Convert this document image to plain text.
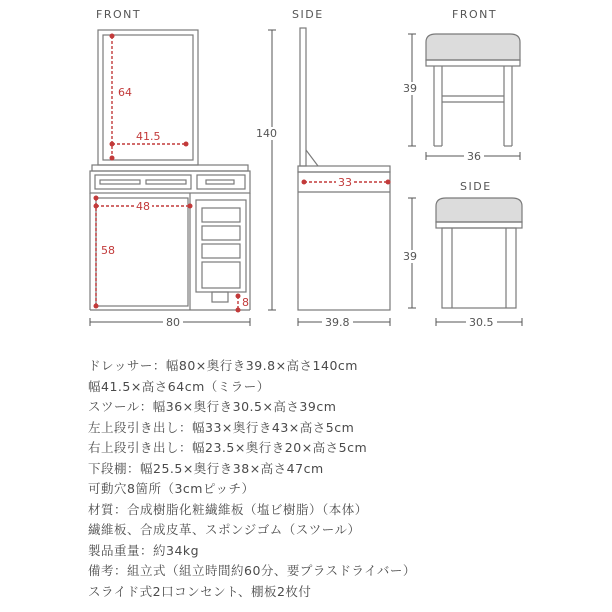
FRONT	SIDE	FRONT
SIDE
64
41.5
48
58
8
33
140
80	39.8
39
36
39
30.5
ドレッサー：幅80×奥行き39.8×高さ140cm
幅41.5×高さ64cm（ミラー）
スツール：幅36×奥行き30.5×高さ39cm
左上段引き出し：幅33×奥行き43×高さ5cm
右上段引き出し：幅23.5×奥行き20×高さ5cm
下段棚：幅25.5×奥行き38×高さ47cm
可動穴8箇所（3cmピッチ）
材質：合成樹脂化粧繊維板（塩ビ樹脂）（本体）
繊維板、合成皮革、スポンジゴム（スツール）
製品重量：約34kg
備考：組立式（組立時間約60分、要プラスドライバー）
スライド式2口コンセント、棚板2枚付
